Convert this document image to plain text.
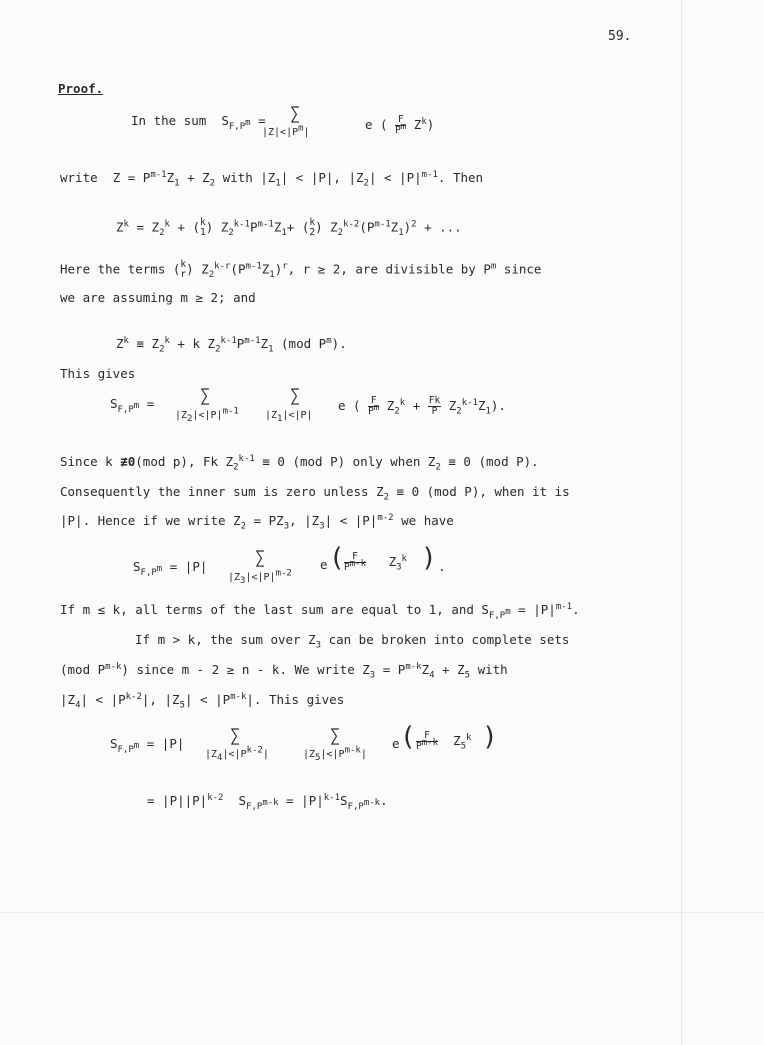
59.
Proof.
In the sum $S_{F,P^m}$ = ∑
$|Z|<|P^m|$
e ( $\frac{F}{P^m} Z^k$)
write $Z = P^{m-1}Z_1 + Z_2$ with $|Z_1| < |P|$, $|Z_2| < |P|^{m-1}$. Then
$Z^k = Z_2^k$ + ( k
1 ) $Z_2^{k-1}P^{m-1}Z_1+$ ( k
2 ) $Z_2^{k-2}(P^{m-1}Z_1)^2$ + ...
Here the terms ( k
r ) $Z_2^{k-r}(P^{m-1}Z_1)^r$, r ≥ 2, are divisible by $P^m$ since
we are assuming m ≥ 2; and
$Z^k \equiv Z_2^k + k$ $Z_2^{k-1}P^{m-1}Z_1$ (mod $P^m$).
This gives
$S_{F,P^m}$ =	∑
$|Z_2|<|P|^{m-1}$
∑
$|Z_1|<|P|$
e ( $\frac{F}{P^m} Z_2^k + \frac{Fk}{P} Z_2^{k-1}Z_1$).
Since k ≢0(mod p), Fk $Z_2^{k-1} \equiv 0$ (mod P) only when $Z_2 \equiv 0$ (mod P).
Consequently the inner sum is zero unless $Z_2 \equiv 0$ (mod P), when it is
|P|. Hence if we write $Z_2 = PZ_3$, $|Z_3| < |P|^{m-2}$ we have
$S_{F,P^m} = |P|$	∑
$|Z_3|<|P|^{m-2}$
e ( $\frac{F}{P^{m-k}} Z_3^k$ ) .
If m ≤ k, all terms of the last sum are equal to 1, and $S_{F,P^m} = |P|^{m-1}$.
If m > k, the sum over $Z_3$ can be broken into complete sets
(mod $P^{m-k}$) since m - 2 ≥ n - k. We write $Z_3 = P^{m-k}Z_4 + Z_5$ with
$|Z_4| < |P^{k-2}|$, $|Z_5| < |P^{m-k}|$. This gives
$S_{F,P^m} = |P|$	∑
$|Z_4|<|P^{k-2}|$
∑
$|Z_5|<|P^{m-k}|$
e ( $\frac{F}{P^{m-k}} Z_5^k$ )
= $|P||P|^{k-2}$ $S_{F,P^{m-k}} = |P|^{k-1}S_{F,P^{m-k}}$.
